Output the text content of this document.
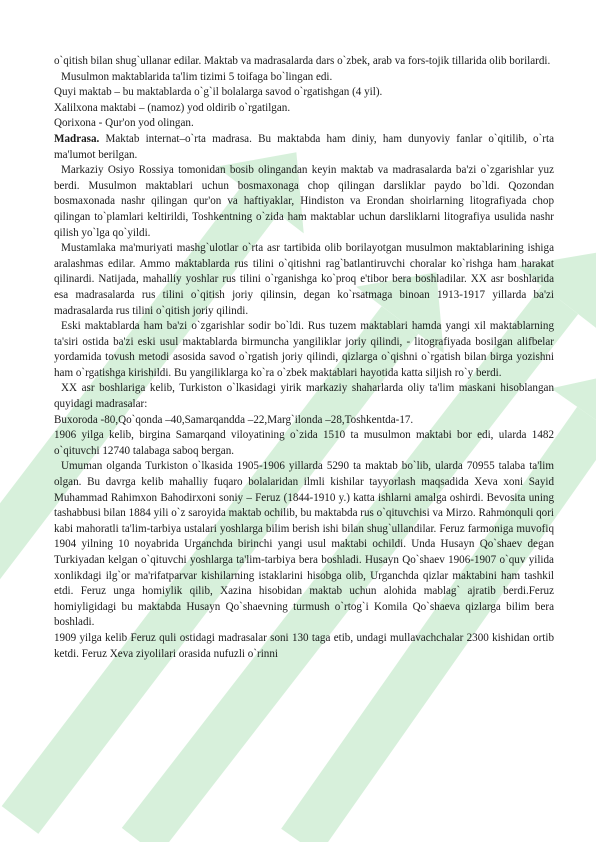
o`qitish bilan shug`ullanar edilar. Maktab va madrasalarda dars o`zbek, arab va fors-tojik tillarida olib borilardi.

Musulmon maktablarida ta'lim tizimi 5 toifaga bo`lingan edi.

Quyi maktab – bu maktablarda o`g`il bolalarga savod o`rgatishgan (4 yil).

Xalilxona maktabi – (namoz) yod oldirib o`rgatilgan.

Qorixona - Qur'on yod olingan.

Madrasa. Maktab internat–o`rta madrasa. Bu maktabda ham diniy, ham dunyoviy fanlar o`qitilib, o`rta ma'lumot berilgan.

Markaziy Osiyo Rossiya tomonidan bosib olingandan keyin maktab va madrasalarda ba'zi o`zgarishlar yuz berdi. Musulmon maktablari uchun bosmaxonaga chop qilingan darsliklar paydo bo`ldi. Qozondan bosmaxonada nashr qilingan qur'on va haftiyaklar, Hindiston va Erondan shoirlarning litografiyada chop qilingan to`plamlari keltirildi, Toshkentning o`zida ham maktablar uchun darsliklarni litografiya usulida nashr qilish yo`lga qo`yildi.

Mustamlaka ma'muriyati mashg`ulotlar o`rta asr tartibida olib borilayotgan musulmon maktablarining ishiga aralashmas edilar. Ammo maktablarda rus tilini o`qitishni rag`batlantiruvchi choralar ko`rishga ham harakat qilinardi. Natijada, mahalliy yoshlar rus tilini o`rganishga ko`proq e'tibor bera boshladilar. XX asr boshlarida esa madrasalarda rus tilini o`qitish joriy qilinsin, degan ko`rsatmaga binoan 1913-1917 yillarda ba'zi madrasalarda rus tilini o`qitish joriy qilindi.

Eski maktablarda ham ba'zi o`zgarishlar sodir bo`ldi. Rus tuzem maktablari hamda yangi xil maktablarning ta'siri ostida ba'zi eski usul maktablarda birmuncha yangiliklar joriy qilindi, - litografiyada bosilgan alifbelar yordamida tovush metodi asosida savod o`rgatish joriy qilindi, qizlarga o`qishni o`rgatish bilan birga yozishni ham o`rgatishga kirishildi. Bu yangiliklarga ko`ra o`zbek maktablari hayotida katta siljish ro`y berdi.

XX asr boshlariga kelib, Turkiston o`lkasidagi yirik markaziy shaharlarda oliy ta'lim maskani hisoblangan quyidagi madrasalar:

Buxoroda -80,Qo`qonda –40,Samarqandda –22,Marg`ilonda –28,Toshkentda-17.

1906 yilga kelib, birgina Samarqand viloyatining o`zida 1510 ta musulmon maktabi bor edi, ularda 1482 o`qituvchi 12740 talabaga saboq bergan.

Umuman olganda Turkiston o`lkasida 1905-1906 yillarda 5290 ta maktab bo`lib, ularda 70955 talaba ta'lim olgan. Bu davrga kelib mahalliy fuqaro bolalaridan ilmli kishilar tayyorlash maqsadida Xeva xoni Sayid Muhammad Rahimxon Bahodirxoni soniy – Feruz (1844-1910 y.) katta ishlarni amalga oshirdi. Bevosita uning tashabbusi bilan 1884 yili o`z saroyida maktab ochilib, bu maktabda rus o`qituvchisi va Mirzo. Rahmonquli qori kabi mahoratli ta'lim-tarbiya ustalari yoshlarga bilim berish ishi bilan shug`ullandilar. Feruz farmoniga muvofiq 1904 yilning 10 noyabrida Urganchda birinchi yangi usul maktabi ochildi. Unda Husayn Qo`shaev degan Turkiyadan kelgan o`qituvchi yoshlarga ta'lim-tarbiya bera boshladi. Husayn Qo`shaev 1906-1907 o`quv yilida xonlikdagi ilg`or ma'rifatparvar kishilarning istaklarini hisobga olib, Urganchda qizlar maktabini ham tashkil etdi. Feruz unga homiylik qilib, Xazina hisobidan maktab uchun alohida mablag` ajratib berdi.Feruz homiyligidagi bu maktabda Husayn Qo`shaevning turmush o`rtog`i Komila Qo`shaeva qizlarga bilim bera boshladi.

1909 yilga kelib Feruz quli ostidagi madrasalar soni 130 taga etib, undagi mullavachchalar 2300 kishidan ortib ketdi. Feruz Xeva ziyolilari orasida nufuzli o`rinni
